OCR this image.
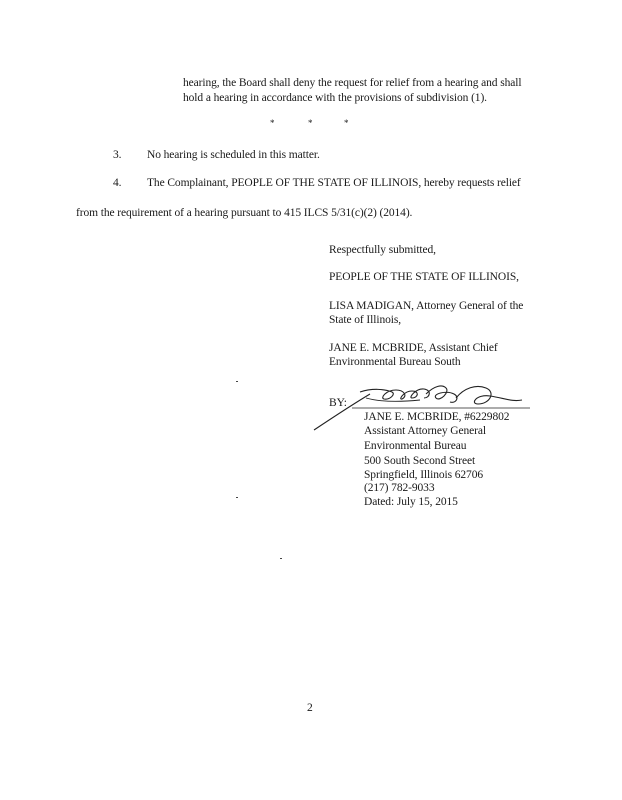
hearing, the Board shall deny the request for relief from a hearing and shall
hold a hearing in accordance with the provisions of subdivision (1).
*	*	*
3. No hearing is scheduled in this matter.
4. The Complainant, PEOPLE OF THE STATE OF ILLINOIS, hereby requests relief
from the requirement of a hearing pursuant to 415 ILCS 5/31(c)(2) (2014).
Respectfully submitted,
PEOPLE OF THE STATE OF ILLINOIS,
LISA MADIGAN, Attorney General of the
State of Illinois,
JANE E. MCBRIDE, Assistant Chief
Environmental Bureau South
BY:
JANE E. MCBRIDE, #6229802
Assistant Attorney General
Environmental Bureau
500 South Second Street
Springfield, Illinois 62706
(217) 782-9033
Dated: July 15, 2015
2
